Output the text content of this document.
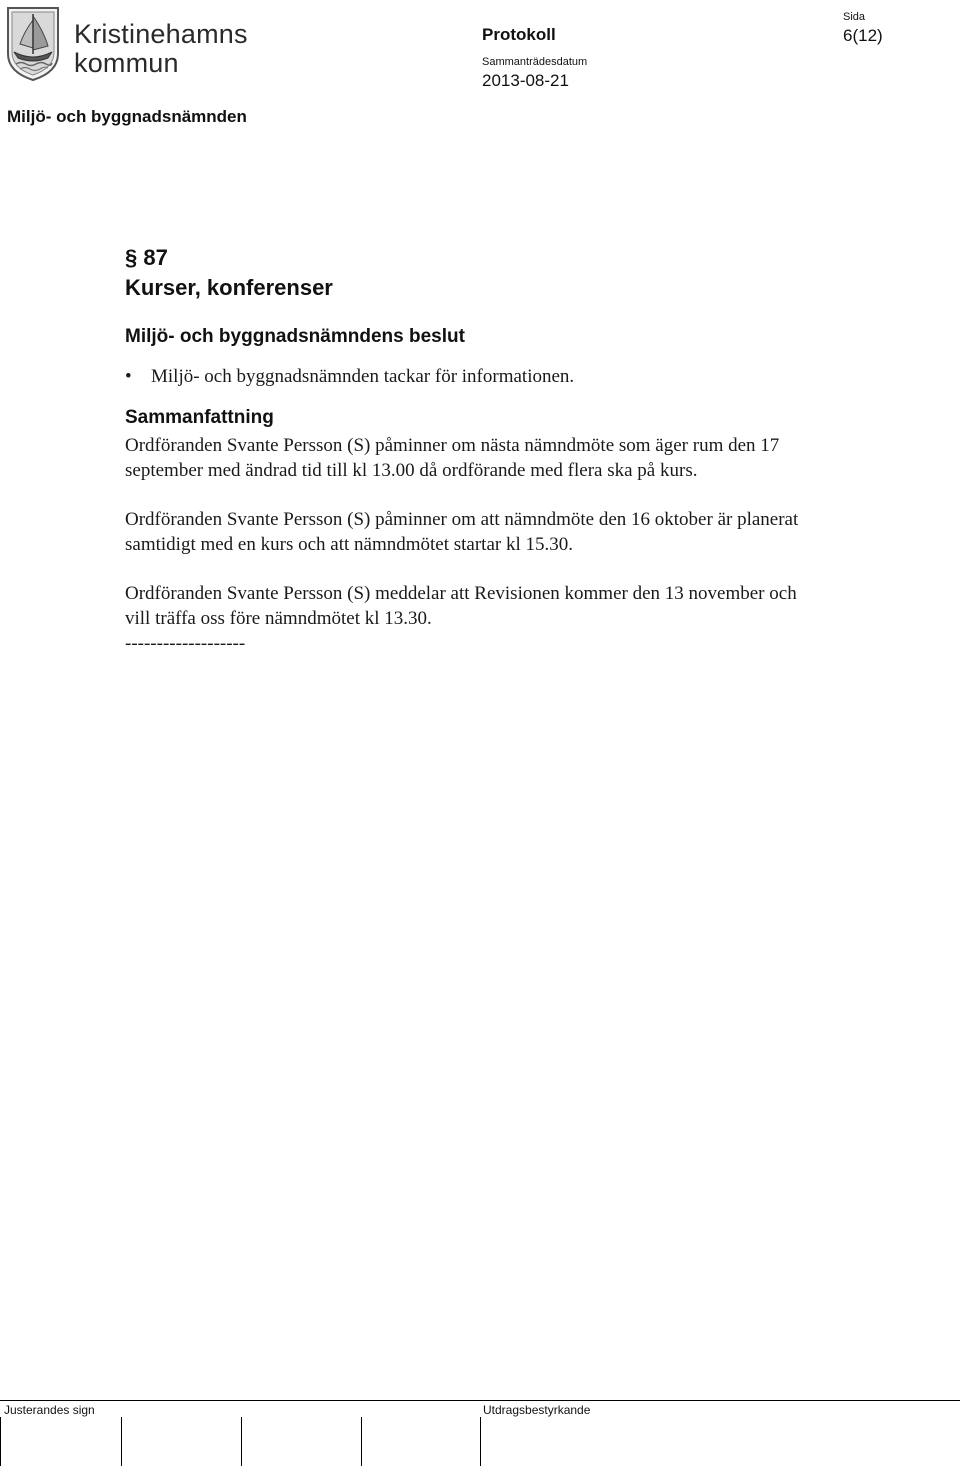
Kristinehamns
kommun
Miljö- och byggnadsnämnden
Protokoll
Sammanträdesdatum
2013-08-21
Sida
6(12)
§ 87
Kurser, konferenser
Miljö- och byggnadsnämndens beslut
• Miljö- och byggnadsnämnden tackar för informationen.
Sammanfattning

Ordföranden Svante Persson (S) påminner om nästa nämndmöte som äger rum den 17 september med ändrad tid till kl 13.00 då ordförande med flera ska på kurs.

Ordföranden Svante Persson (S) påminner om att nämndmöte den 16 oktober är planerat samtidigt med en kurs och att nämndmötet startar kl 15.30.

Ordföranden Svante Persson (S) meddelar att Revisionen kommer den 13 november och vill träffa oss före nämndmötet kl 13.30.

-------------------
Justerandes sign	Utdragsbestyrkande
